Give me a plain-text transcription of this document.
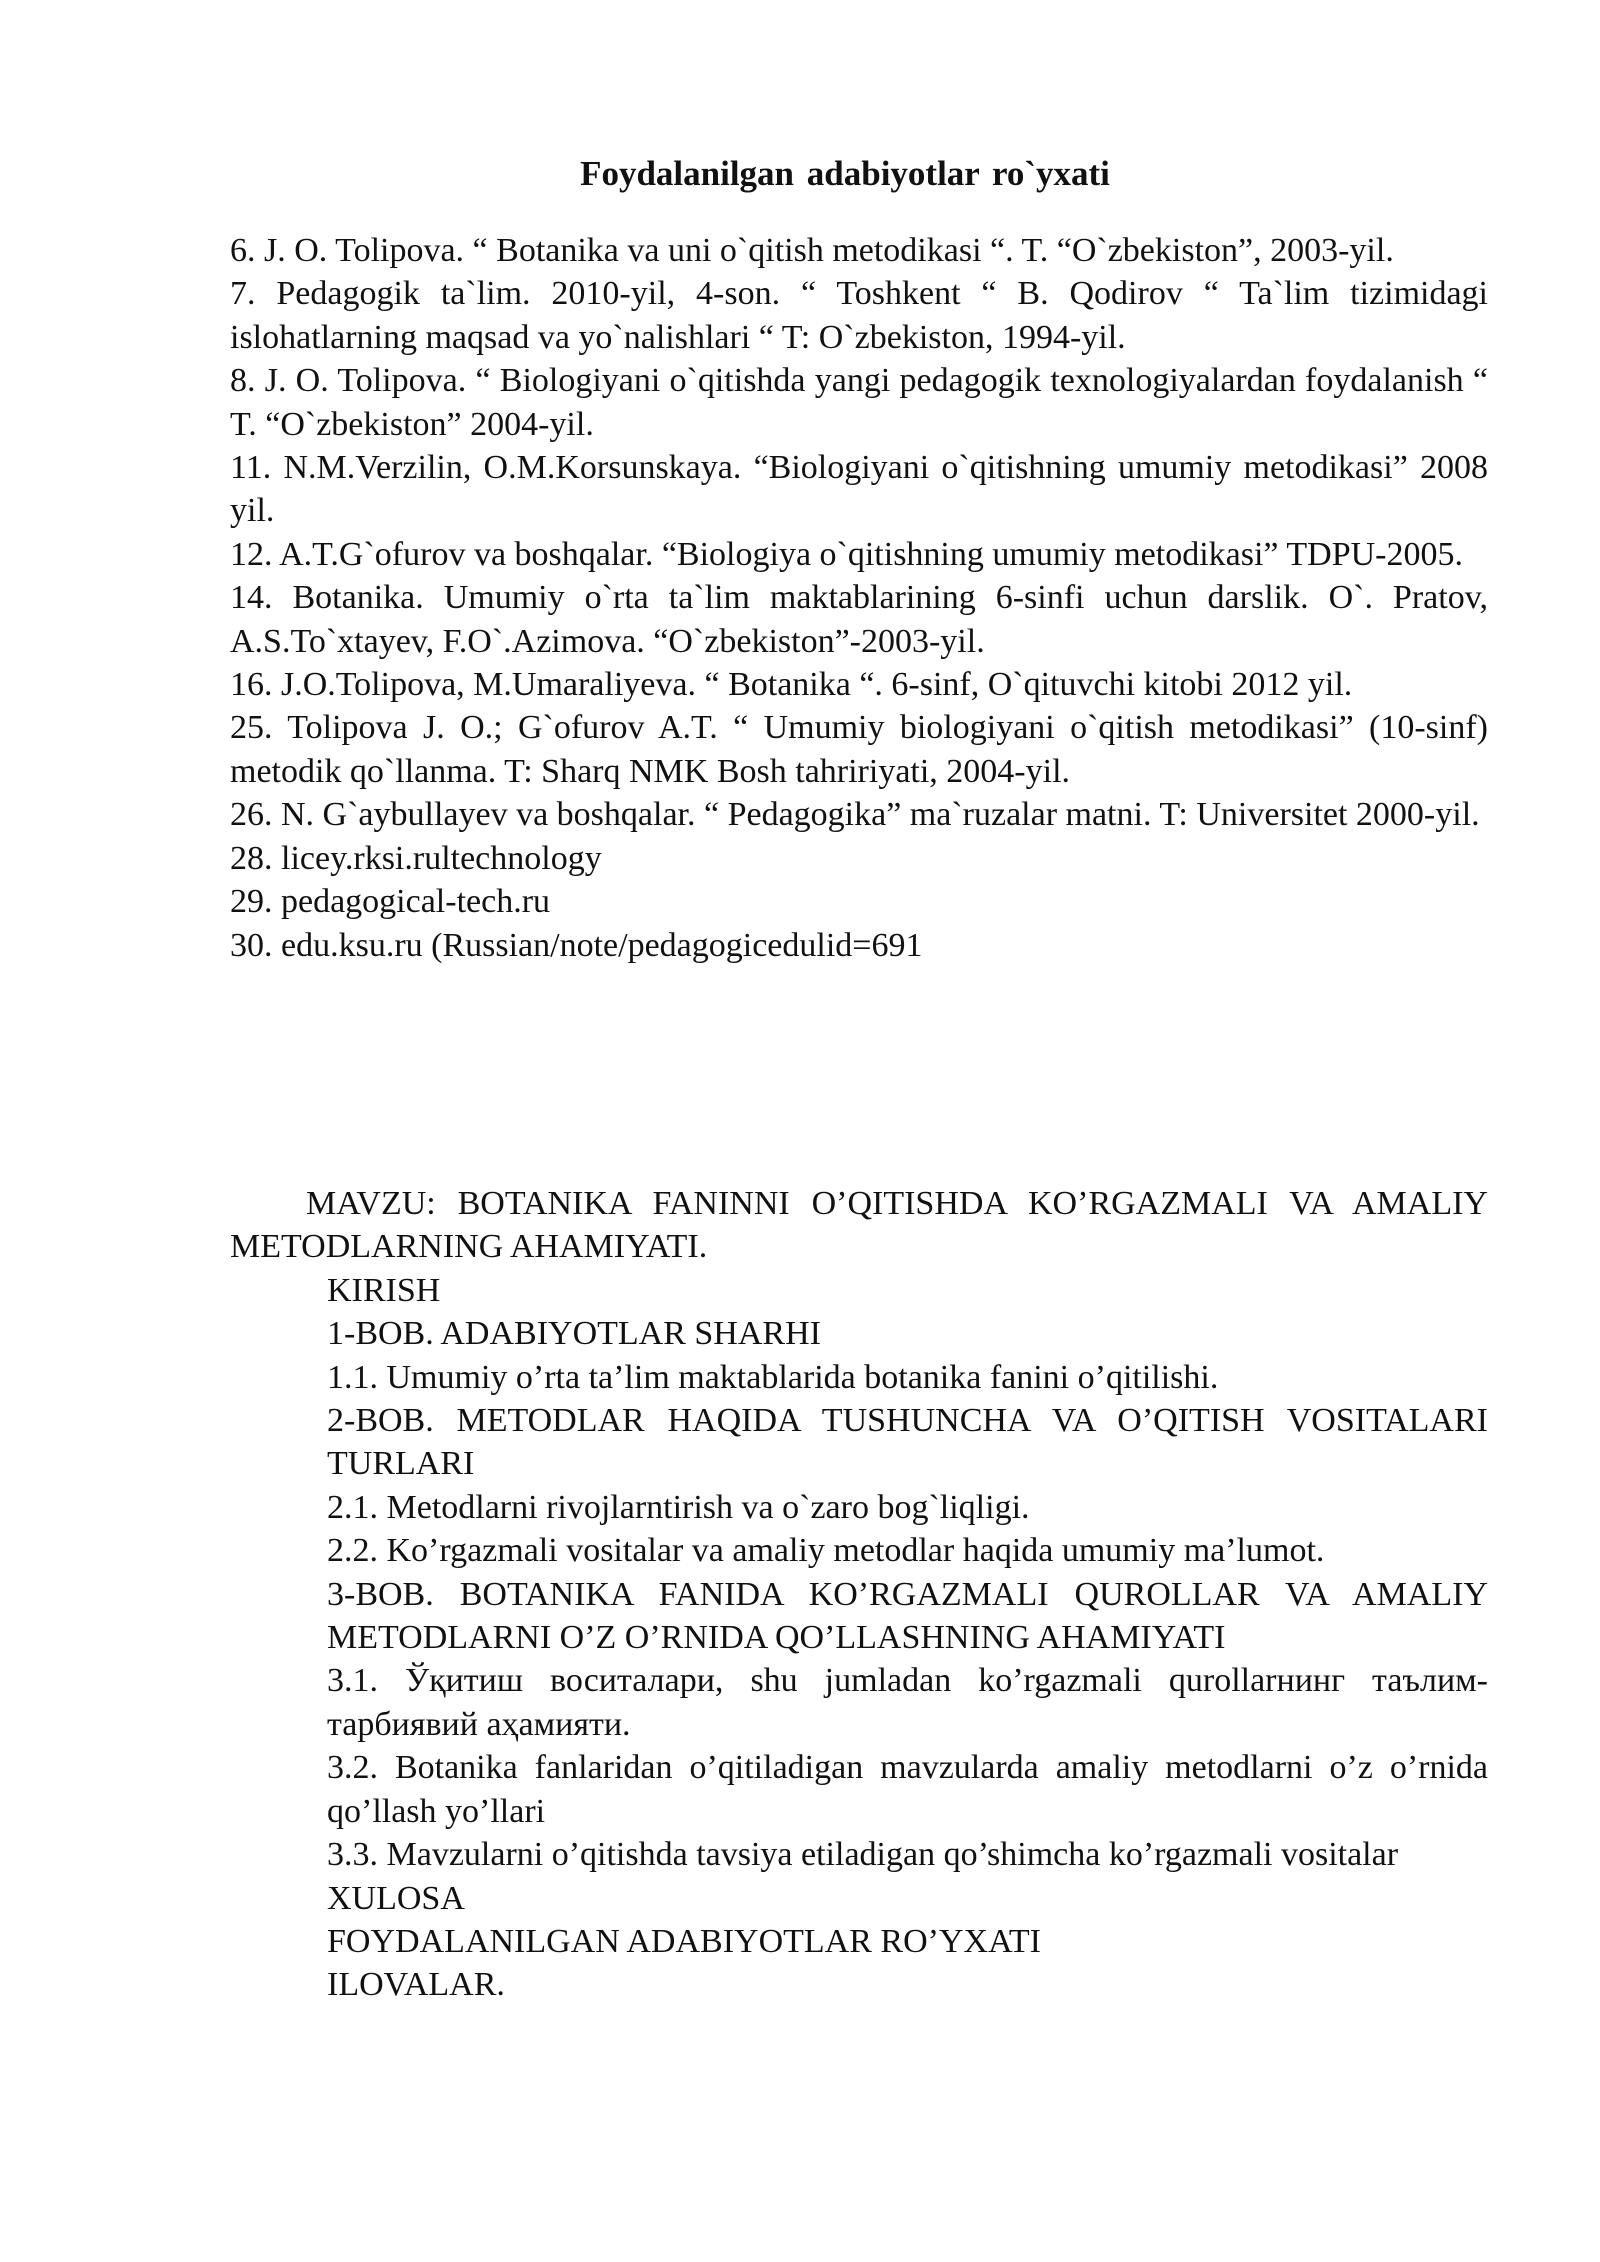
Foydalanilgan adabiyotlar ro`yxati

6. J. O. Tolipova. “ Botanika va uni o`qitish metodikasi “. T. “O`zbekiston”, 2003-yil.

7. Pedagogik ta`lim. 2010-yil, 4-son. “ Toshkent “ B. Qodirov “ Ta`lim tizimidagi islohatlarning maqsad va yo`nalishlari “ T: O`zbekiston, 1994-yil.

8. J. O. Tolipova. “ Biologiyani o`qitishda yangi pedagogik texnologiyalardan foydalanish “ T. “O`zbekiston” 2004-yil.

11. N.M.Verzilin, O.M.Korsunskaya. “Biologiyani o`qitishning umumiy metodikasi” 2008 yil.

12. A.T.G`ofurov va boshqalar. “Biologiya o`qitishning umumiy metodikasi” TDPU-2005.

14. Botanika. Umumiy o`rta ta`lim maktablarining 6-sinfi uchun darslik. O`. Pratov, A.S.To`xtayev, F.O`.Azimova. “O`zbekiston”-2003-yil.

16. J.O.Tolipova, M.Umaraliyeva. “ Botanika “. 6-sinf, O`qituvchi kitobi 2012 yil.

25. Tolipova J. O.; G`ofurov A.T. “ Umumiy biologiyani o`qitish metodikasi” (10-sinf) metodik qo`llanma. T: Sharq NMK Bosh tahririyati, 2004-yil.

26. N. G`aybullayev va boshqalar. “ Pedagogika” ma`ruzalar matni. T: Universitet 2000-yil.

28. licey.rksi.rultechnology

29. pedagogical-tech.ru

30. edu.ksu.ru (Russian/note/pedagogicedulid=691

MAVZU: BOTANIKA FANINNI O’QITISHDA KO’RGAZMALI VA AMALIY METODLARNING AHAMIYATI.

KIRISH

1-BOB. ADABIYOTLAR SHARHI

1.1. Umumiy o’rta ta’lim maktablarida botanika fanini o’qitilishi.

2-BOB. METODLAR HAQIDA TUSHUNCHA VA O’QITISH VOSITALARI TURLARI

2.1. Metodlarni rivojlarntirish va o`zaro bog`liqligi.

2.2. Ko’rgazmali vositalar va amaliy metodlar haqida umumiy ma’lumot.

3-BOB. BOTANIKA FANIDA KO’RGAZMALI QUROLLAR VA AMALIY METODLARNI O’Z O’RNIDA QO’LLASHNING AHAMIYATI

3.1. Ўқитиш воситалари, shu jumladan ko’rgazmali qurollarнинг таълим-тарбиявий аҳамияти.

3.2. Botanika fanlaridan o’qitiladigan mavzularda amaliy metodlarni o’z o’rnida qo’llash yo’llari

3.3. Mavzularni o’qitishda tavsiya etiladigan qo’shimcha ko’rgazmali vositalar

XULOSA

FOYDALANILGAN ADABIYOTLAR RO’YXATI

ILOVALAR.
